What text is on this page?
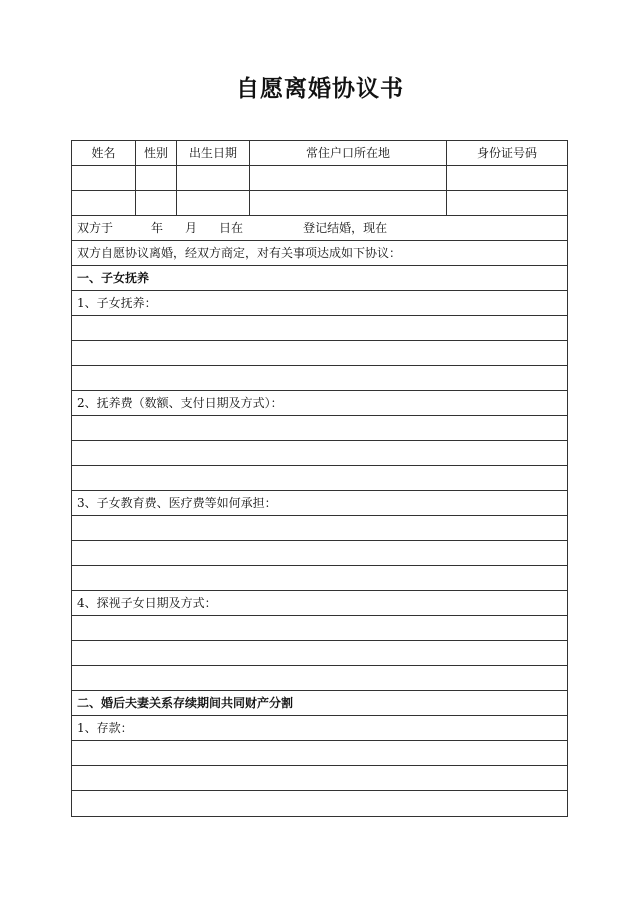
自愿离婚协议书
姓名	性别	出生日期	常住户口所在地	身份证号码
双方于	年 月 日在	登记结婚，现在
双方自愿协议离婚，经双方商定，对有关事项达成如下协议：
一、子女抚养
1、子女抚养：
2、抚养费（数额、支付日期及方式）：
3、子女教育费、医疗费等如何承担：
4、探视子女日期及方式：
二、婚后夫妻关系存续期间共同财产分割
1、存款：
